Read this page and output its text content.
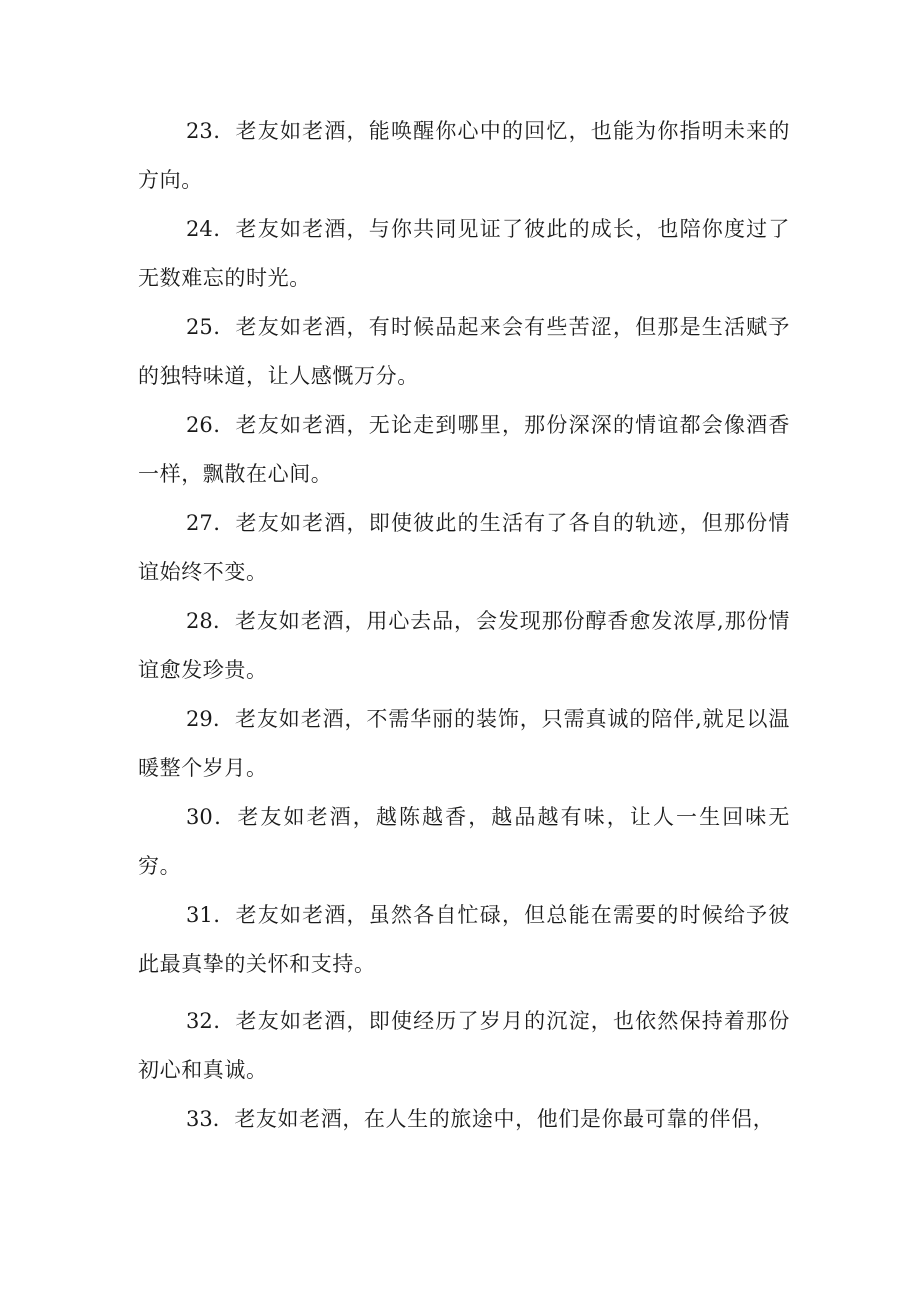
23．老友如老酒，能唤醒你心中的回忆，也能为你指明未来的方向。

24．老友如老酒，与你共同见证了彼此的成长，也陪你度过了无数难忘的时光。

25．老友如老酒，有时候品起来会有些苦涩，但那是生活赋予的独特味道，让人感慨万分。

26．老友如老酒，无论走到哪里，那份深深的情谊都会像酒香一样，飘散在心间。

27．老友如老酒，即使彼此的生活有了各自的轨迹，但那份情谊始终不变。

28．老友如老酒，用心去品，会发现那份醇香愈发浓厚,那份情谊愈发珍贵。

29．老友如老酒，不需华丽的装饰，只需真诚的陪伴,就足以温暖整个岁月。

30．老友如老酒，越陈越香，越品越有味，让人一生回味无穷。

31．老友如老酒，虽然各自忙碌，但总能在需要的时候给予彼此最真挚的关怀和支持。

32．老友如老酒，即使经历了岁月的沉淀，也依然保持着那份初心和真诚。

33．老友如老酒，在人生的旅途中，他们是你最可靠的伴侣，
